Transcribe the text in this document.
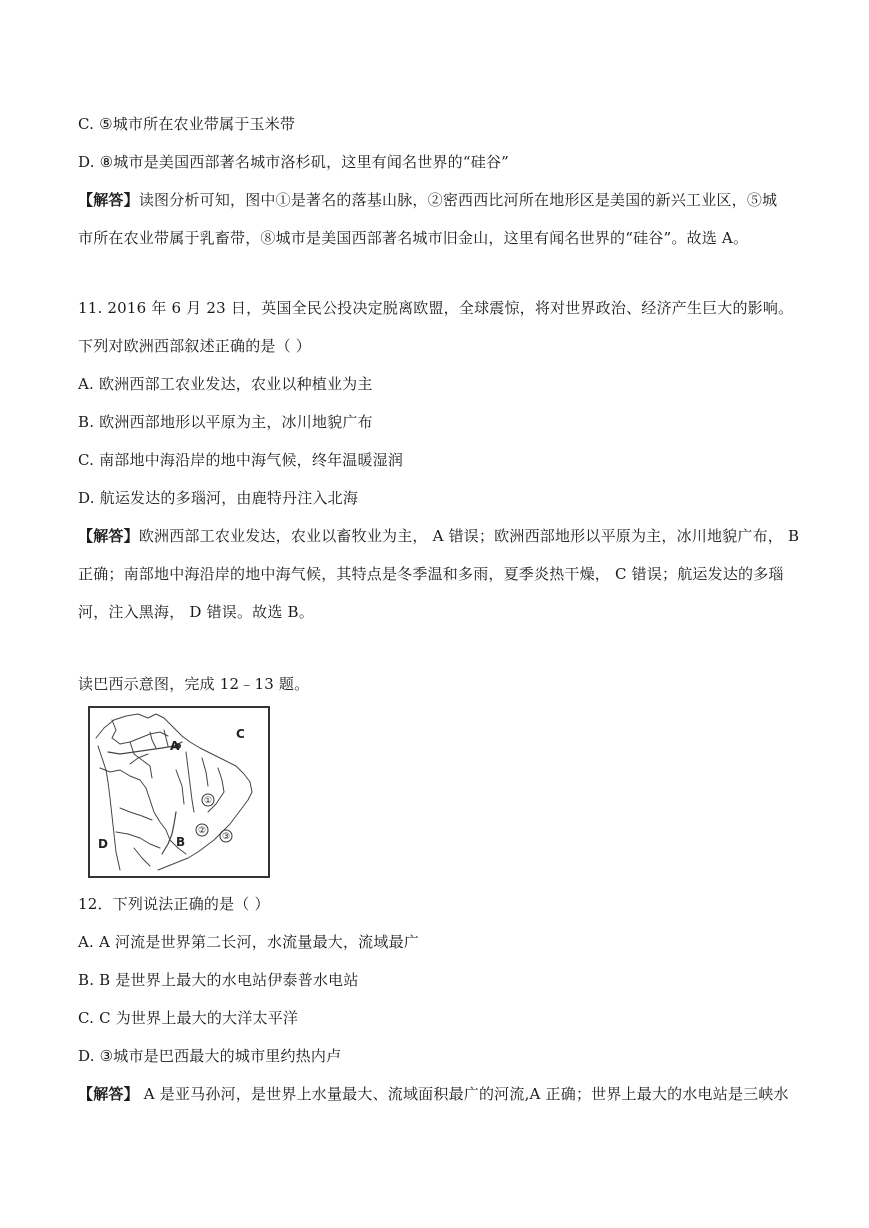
C. ⑤城市所在农业带属于玉米带
D. ⑧城市是美国西部著名城市洛杉矶，这里有闻名世界的“硅谷”
【解答】读图分析可知，图中①是著名的落基山脉，②密西西比河所在地形区是美国的新兴工业区，⑤城
市所在农业带属于乳畜带，⑧城市是美国西部著名城市旧金山，这里有闻名世界的“硅谷”。故选 A。
11. 2016 年 6 月 23 日，英国全民公投决定脱离欧盟，全球震惊，将对世界政治、经济产生巨大的影响。
下列对欧洲西部叙述正确的是（ ）
A. 欧洲西部工农业发达，农业以种植业为主
B. 欧洲西部地形以平原为主，冰川地貌广布
C. 南部地中海沿岸的地中海气候，终年温暖湿润
D. 航运发达的多瑙河，由鹿特丹注入北海
【解答】欧洲西部工农业发达，农业以畜牧业为主， A 错误；欧洲西部地形以平原为主，冰川地貌广布， B
正确；南部地中海沿岸的地中海气候，其特点是冬季温和多雨，夏季炎热干燥， C 错误；航运发达的多瑙
河，注入黑海， D 错误。故选 B。
读巴西示意图，完成 12﹣13 题。
①
②
③
A
B
C
D
12．下列说法正确的是（ ）
A. A 河流是世界第二长河，水流量最大，流域最广
B. B 是世界上最大的水电站伊泰普水电站
C. C 为世界上最大的大洋太平洋
D. ③城市是巴西最大的城市里约热内卢
【解答】 A 是亚马孙河，是世界上水量最大、流域面积最广的河流,A 正确；世界上最大的水电站是三峡水
